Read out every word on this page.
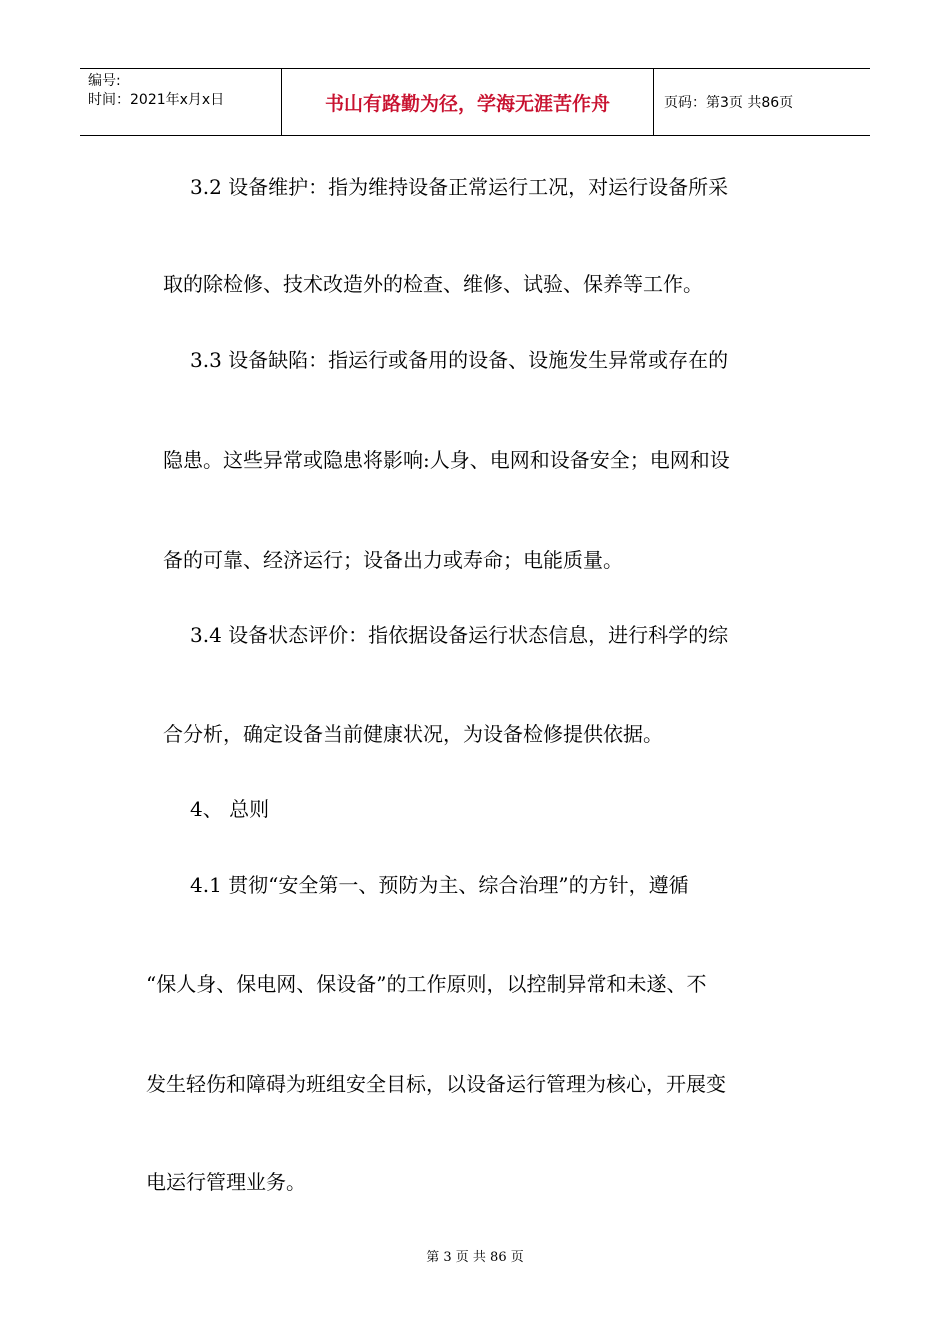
编号:
时间：2021年x月x日	书山有路勤为径，学海无涯苦作舟	页码：第3页 共86页
3.2 设备维护：指为维持设备正常运行工况，对运行设备所采
取的除检修、技术改造外的检查、维修、试验、保养等工作。
3.3 设备缺陷：指运行或备用的设备、设施发生异常或存在的
隐患。这些异常或隐患将影响:人身、电网和设备安全；电网和设
备的可靠、经济运行；设备出力或寿命；电能质量。
3.4 设备状态评价：指依据设备运行状态信息，进行科学的综
合分析，确定设备当前健康状况，为设备检修提供依据。
4、 总则
4.1 贯彻“安全第一、预防为主、综合治理”的方针，遵循
“保人身、保电网、保设备”的工作原则，以控制异常和未遂、不
发生轻伤和障碍为班组安全目标，以设备运行管理为核心，开展变
电运行管理业务。
第 3 页 共 86 页
